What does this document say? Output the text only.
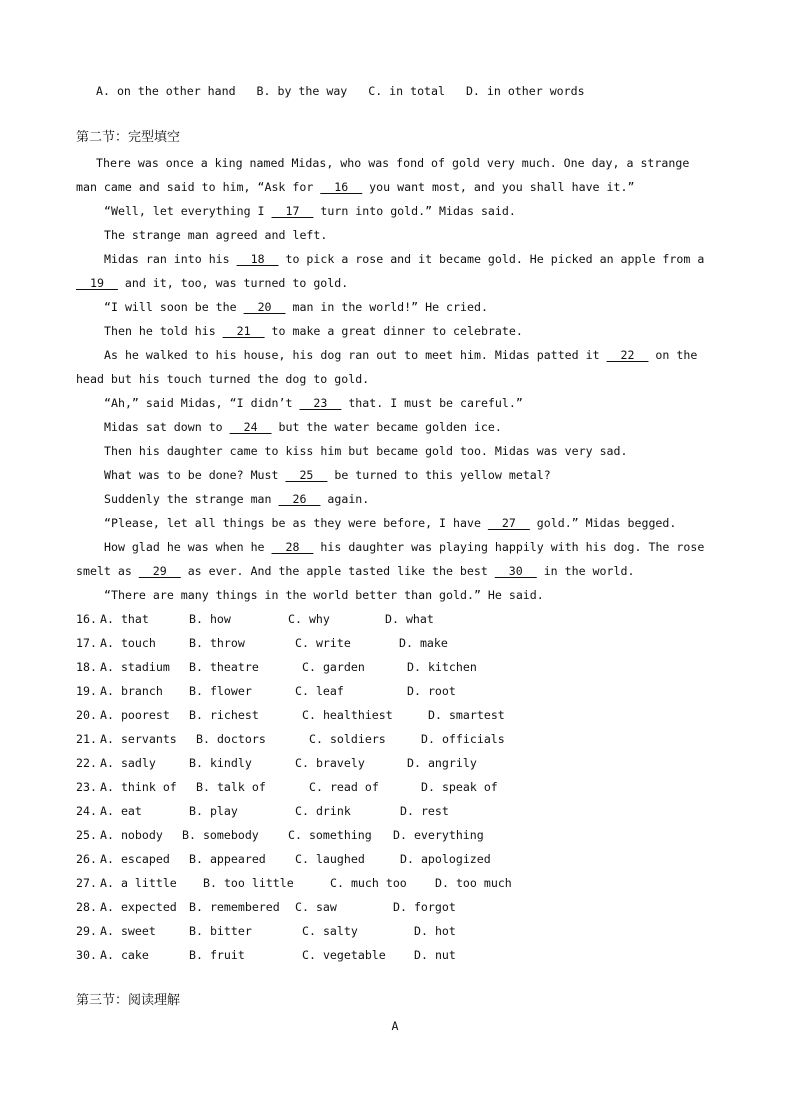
A. on the other hand   B. by the way   C. in total   D. in other words
第二节：完型填空
There was once a king named Midas, who was fond of gold very much. One day, a strange
man came and said to him, “Ask for __16__ you want most, and you shall have it.”
“Well, let everything I __17__ turn into gold.” Midas said.
The strange man agreed and left.
Midas ran into his __18__ to pick a rose and it became gold. He picked an apple from a
__19__ and it, too, was turned to gold.
“I will soon be the __20__ man in the world!” He cried.
Then he told his __21__ to make a great dinner to celebrate.
As he walked to his house, his dog ran out to meet him. Midas patted it __22__ on the
head but his touch turned the dog to gold.
“Ah,” said Midas, “I didn’t __23__ that. I must be careful.”
Midas sat down to __24__ but the water became golden ice.
Then his daughter came to kiss him but became gold too. Midas was very sad.
What was to be done? Must __25__ be turned to this yellow metal?
Suddenly the strange man __26__ again.
“Please, let all things be as they were before, I have __27__ gold.” Midas begged.
How glad he was when he __28__ his daughter was playing happily with his dog. The rose
smelt as __29__ as ever. And the apple tasted like the best __30__ in the world.
“There are many things in the world better than gold.” He said.
16. A. that	B. how	C. why	D. what
17. A. touch	B. throw	C. write	D. make
18. A. stadium B. theatre	C. garden	D. kitchen
19. A. branch B. flower	C. leaf	D. root
20. A. poorest B. richest	C. healthiest	D. smartest
21. A. servants B. doctors	C. soldiers	D. officials
22. A. sadly	B. kindly	C. bravely	D. angrily
23. A. think of B. talk of	C. read of	D. speak of
24. A. eat	B. play	C. drink	D. rest
25. A. nobody B. somebody	C. something D. everything
26. A. escaped B. appeared	C. laughed	D. apologized
27. A. a little B. too little	C. much too D. too much
28. A. expected B. remembered C. saw	D. forgot
29. A. sweet	B. bitter	C. salty	D. hot
30. A. cake	B. fruit	C. vegetable D. nut
第三节：阅读理解
A
